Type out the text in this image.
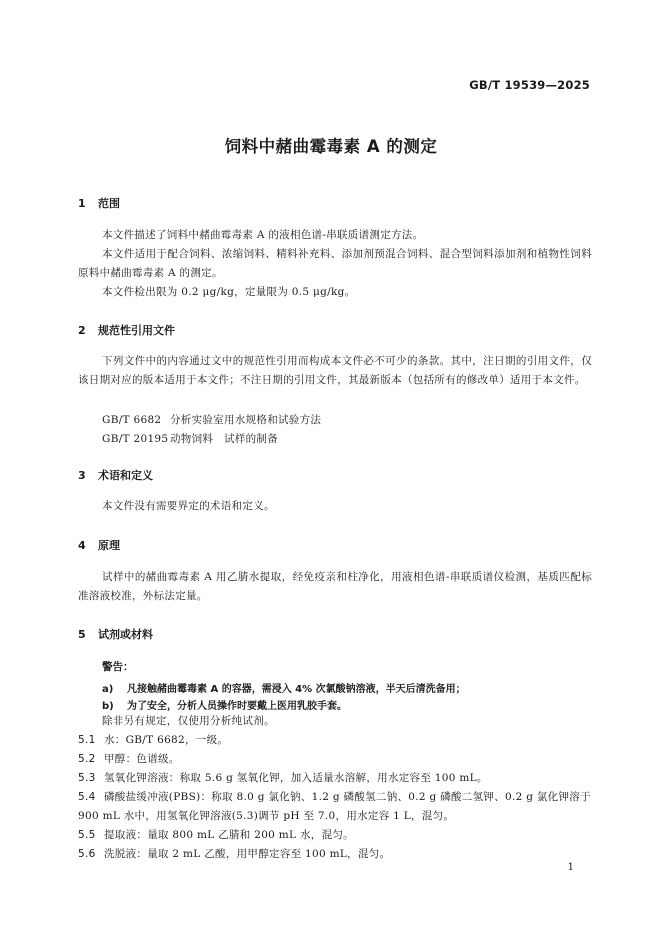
GB/T 19539—2025
饲料中赭曲霉毒素 A 的测定
1 范围
本文件描述了饲料中赭曲霉毒素 A 的液相色谱-串联质谱测定方法。
本文件适用于配合饲料、浓缩饲料、精料补充料、添加剂预混合饲料、混合型饲料添加剂和植物性饲料原料中赭曲霉毒素 A 的测定。
本文件检出限为 0.2 μg/kg，定量限为 0.5 μg/kg。
2 规范性引用文件
下列文件中的内容通过文中的规范性引用而构成本文件必不可少的条款。其中，注日期的引用文件，仅该日期对应的版本适用于本文件；不注日期的引用文件，其最新版本（包括所有的修改单）适用于本文件。
GB/T 6682 分析实验室用水规格和试验方法
GB/T 20195 动物饲料　试样的制备
3 术语和定义
本文件没有需要界定的术语和定义。
4 原理
试样中的赭曲霉毒素 A 用乙腈水提取，经免疫亲和柱净化，用液相色谱-串联质谱仪检测，基质匹配标准溶液校准，外标法定量。
5 试剂或材料
警告：
a) 凡接触赭曲霉毒素 A 的容器，需浸入 4% 次氯酸钠溶液，半天后清洗备用；
b) 为了安全，分析人员操作时要戴上医用乳胶手套。
除非另有规定，仅使用分析纯试剂。
5.1 水：GB/T 6682，一级。
5.2 甲醇：色谱级。
5.3 氢氧化钾溶液：称取 5.6 g 氢氧化钾，加入适量水溶解，用水定容至 100 mL。
5.4 磷酸盐缓冲液(PBS)：称取 8.0 g 氯化钠、1.2 g 磷酸氢二钠、0.2 g 磷酸二氢钾、0.2 g 氯化钾溶于 900 mL 水中，用氢氧化钾溶液(5.3)调节 pH 至 7.0，用水定容 1 L，混匀。
5.5 提取液：量取 800 mL 乙腈和 200 mL 水，混匀。
5.6 洗脱液：量取 2 mL 乙酸，用甲醇定容至 100 mL，混匀。
1
